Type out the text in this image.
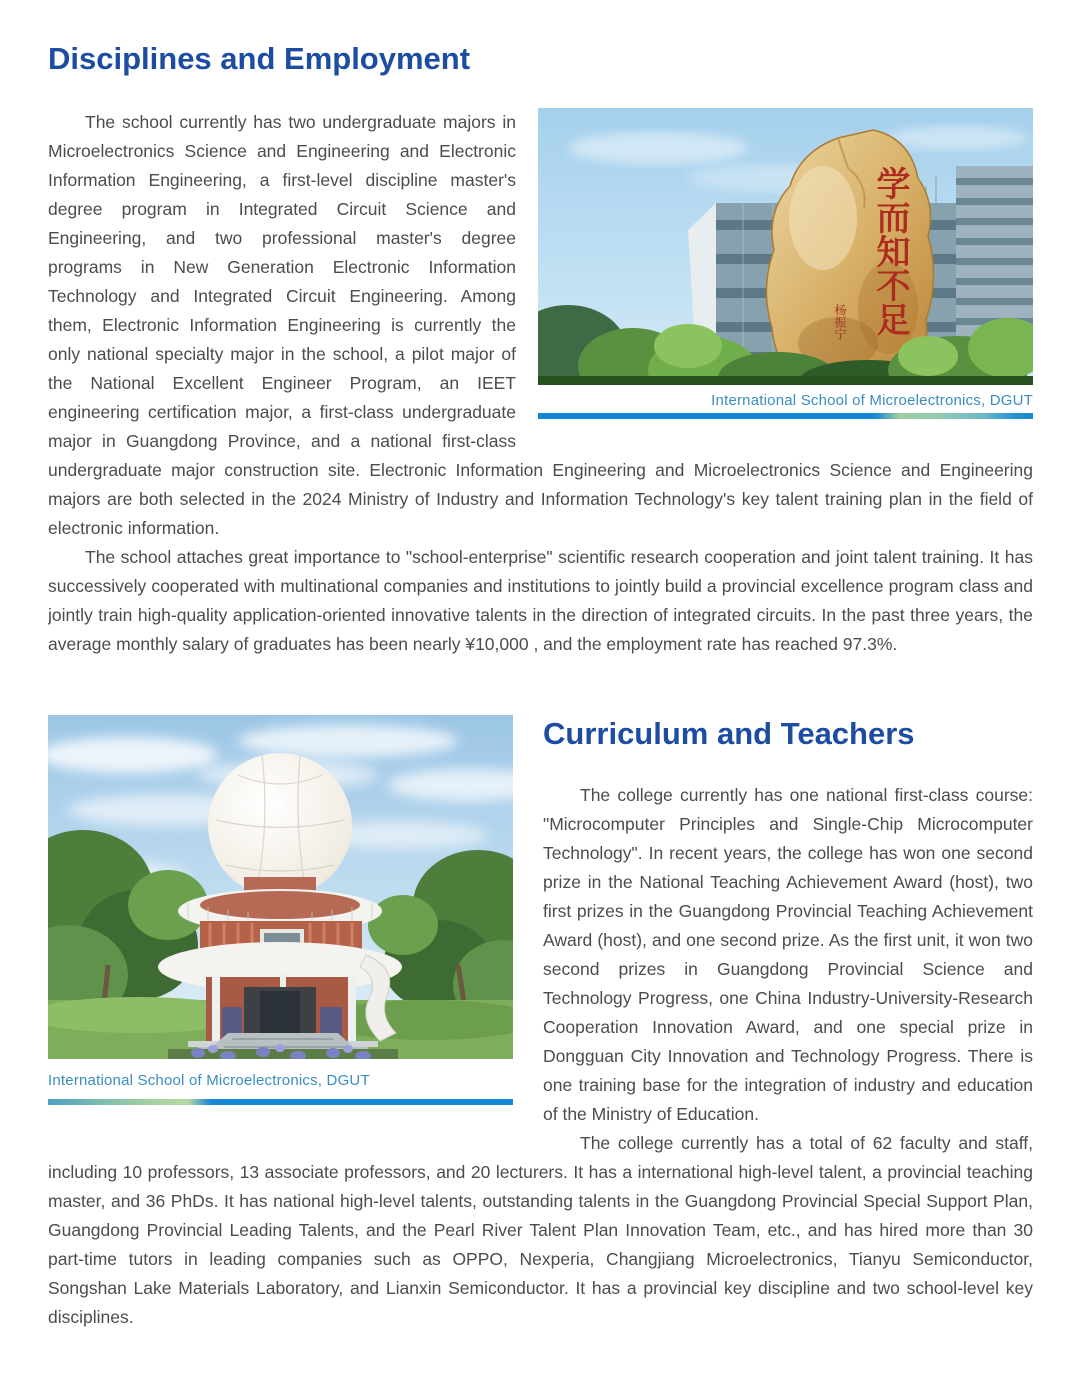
Disciplines and Employment
学而知不足
杨振宁
International School of Microelectronics, DGUT

The school currently has two undergraduate majors in Microelectronics Science and Engineering and Electronic Information Engineering, a first-level discipline master's degree program in Integrated Circuit Science and Engineering, and two professional master's degree programs in New Generation Electronic Information Technology and Integrated Circuit Engineering. Among them, Electronic Information Engineering is currently the only national specialty major in the school, a pilot major of the National Excellent Engineer Program, an IEET engineering certification major, a first-class undergraduate major in Guangdong Province, and a national first-class undergraduate major construction site. Electronic Information Engineering and Microelectronics Science and Engineering majors are both selected in the 2024 Ministry of Industry and Information Technology's key talent training plan in the field of electronic information.

The school attaches great importance to "school-enterprise" scientific research cooperation and joint talent training. It has successively cooperated with multinational companies and institutions to jointly build a provincial excellence program class and jointly train high-quality application-oriented innovative talents in the direction of integrated circuits. In the past three years, the average monthly salary of graduates has been nearly ¥10,000 , and the employment rate has reached 97.3%.

International School of Microelectronics, DGUT
Curriculum and Teachers

The college currently has one national first-class course: "Microcomputer Principles and Single-Chip Microcomputer Technology". In recent years, the college has won one second prize in the National Teaching Achievement Award (host), two first prizes in the Guangdong Provincial Teaching Achievement Award (host), and one second prize. As the first unit, it won two second prizes in Guangdong Provincial Science and Technology Progress, one China Industry-University-Research Cooperation Innovation Award, and one special prize in Dongguan City Innovation and Technology Progress. There is one training base for the integration of industry and education of the Ministry of Education.

The college currently has a total of 62 faculty and staff, including 10 professors, 13 associate professors, and 20 lecturers. It has a international high-level talent, a provincial teaching master, and 36 PhDs. It has national high-level talents, outstanding talents in the Guangdong Provincial Special Support Plan, Guangdong Provincial Leading Talents, and the Pearl River Talent Plan Innovation Team, etc., and has hired more than 30 part-time tutors in leading companies such as OPPO, Nexperia, Changjiang Microelectronics, Tianyu Semiconductor, Songshan Lake Materials Laboratory, and Lianxin Semiconductor. It has a provincial key discipline and two school-level key disciplines.
